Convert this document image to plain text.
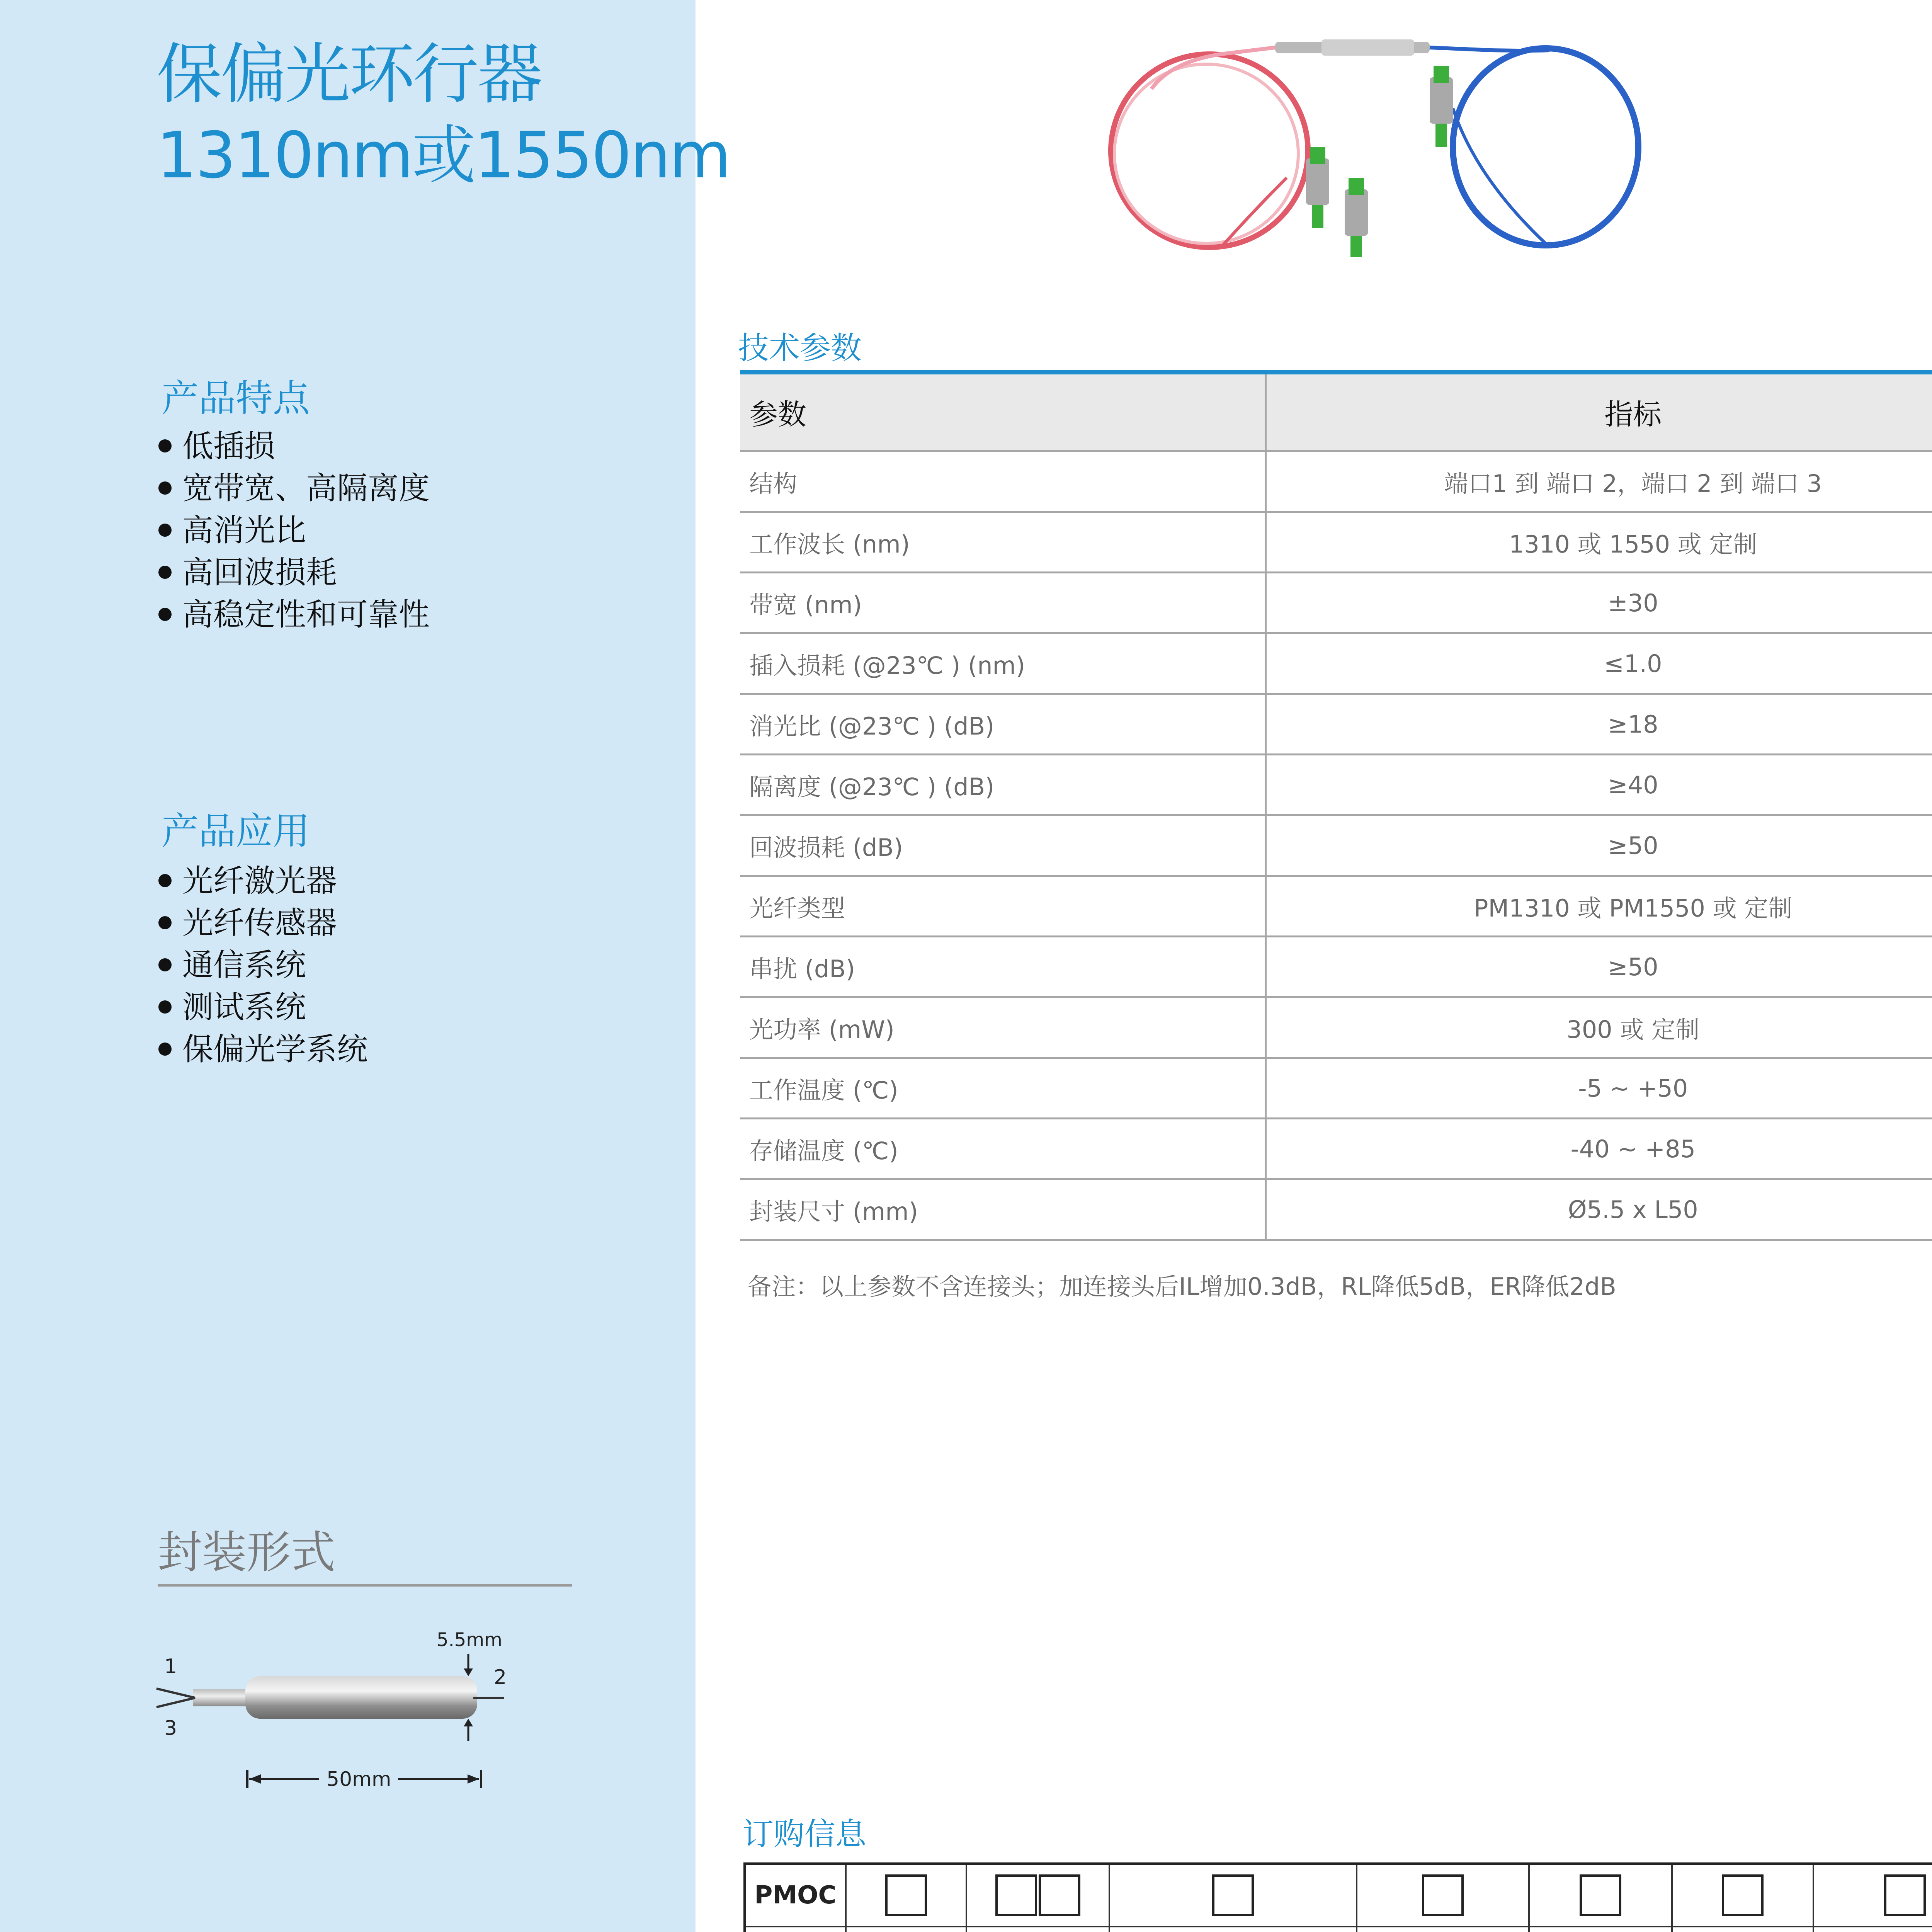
保偏光环行器
1310nm或1550nm
产品特点
低插损
宽带宽、高隔离度
高消光比
高回波损耗
高稳定性和可靠性
产品应用
光纤激光器
光纤传感器
通信系统
测试系统
保偏光学系统
封装形式
1
3
2
5.5mm
50mm
技术参数
参数	指标
结构	端口1 到 端口 2，端口 2 到 端口 3
工作波长 (nm)	1310 或 1550 或 定制
带宽 (nm)	±30
插入损耗 (@23℃ ) (nm)	≤1.0
消光比 (@23℃ ) (dB)	≥18
隔离度 (@23℃ ) (dB)	≥40
回波损耗 (dB)	≥50
光纤类型	PM1310 或 PM1550 或 定制
串扰 (dB)	≥50
光功率 (mW)	300 或 定制
工作温度 (℃)	-5 ~ +50
存储温度 (℃)	-40 ~ +85
封装尺寸 (mm)	Ø5.5 x L50
备注：以上参数不含连接头；加连接头后IL增加0.3dB，RL降低5dB，ER降低2dB
订购信息
PMOC							
